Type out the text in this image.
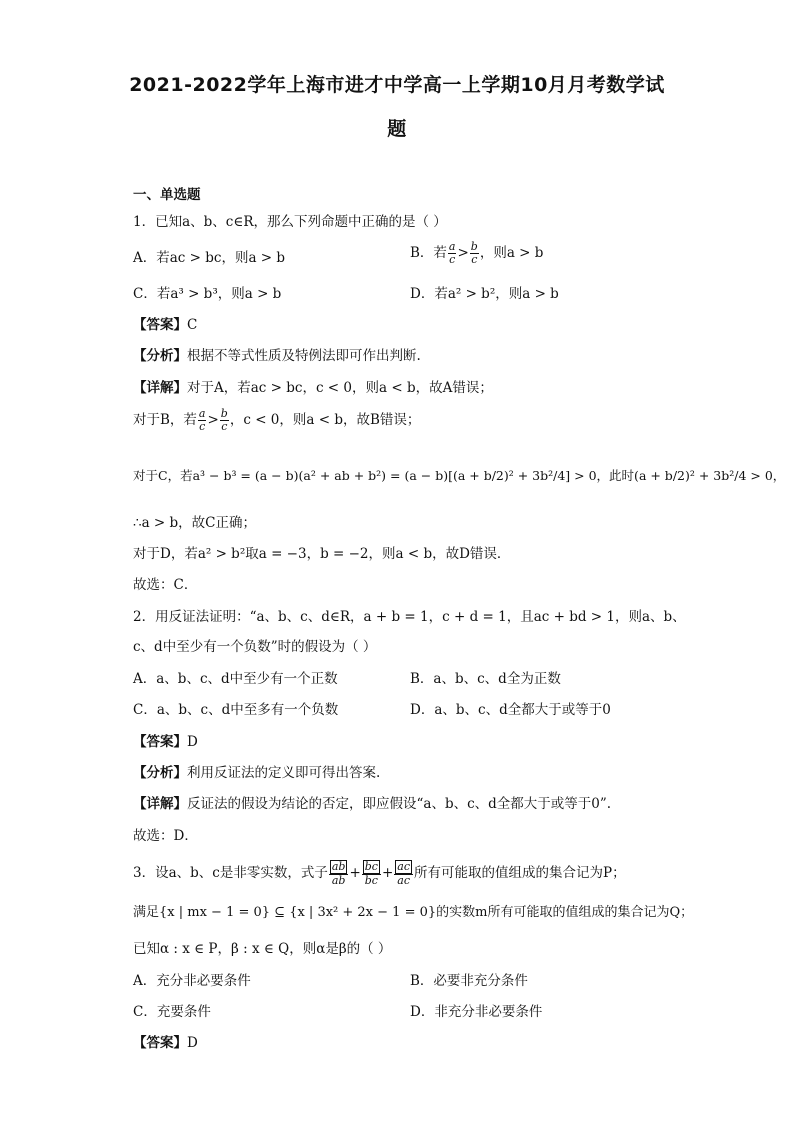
2021-2022学年上海市进才中学高一上学期10月月考数学试
题
一、单选题
1．已知a、b、c∈R，那么下列命题中正确的是（ ）
A．若ac > bc，则a > b	B．若 $\frac{a}{c} > \frac{b}{c}$ ，则a > b
C．若a³ > b³，则a > b	D．若a² > b²，则a > b
【答案】C
【分析】根据不等式性质及特例法即可作出判断.
【详解】对于A，若ac > bc，c < 0，则a < b，故A错误；
对于B，若 $\frac{a}{c} > \frac{b}{c}$ ，c < 0，则a < b，故B错误；
对于C，若a³ − b³ = (a − b)(a² + ab + b²) = (a − b)[(a + b/2)² + 3b²/4] > 0，此时(a + b/2)² + 3b²/4 > 0，
∴a > b，故C正确；
对于D，若a² > b²取a = −3，b = −2，则a < b，故D错误．
故选：C．
2．用反证法证明：“a、b、c、d∈R，a + b = 1，c + d = 1，且ac + bd > 1，则a、b、
c、d中至少有一个负数”时的假设为（ ）
A．a、b、c、d中至少有一个正数	B．a、b、c、d全为正数
C．a、b、c、d中至多有一个负数	D．a、b、c、d全都大于或等于0
【答案】D
【分析】利用反证法的定义即可得出答案.
【详解】反证法的假设为结论的否定，即应假设“a、b、c、d全都大于或等于0”.
故选：D．
3．设a、b、c是非零实数，式子 $\frac{ab}{ab} + \frac{bc}{bc} + \frac{ac}{ac}$ 所有可能取的值组成的集合记为P；
满足{x | mx − 1 = 0} ⊆ {x | 3x² + 2x − 1 = 0}的实数m所有可能取的值组成的集合记为Q；
已知α : x ∈ P，β : x ∈ Q，则α是β的（ ）
A．充分非必要条件	B．必要非充分条件
C．充要条件	D．非充分非必要条件
【答案】D
